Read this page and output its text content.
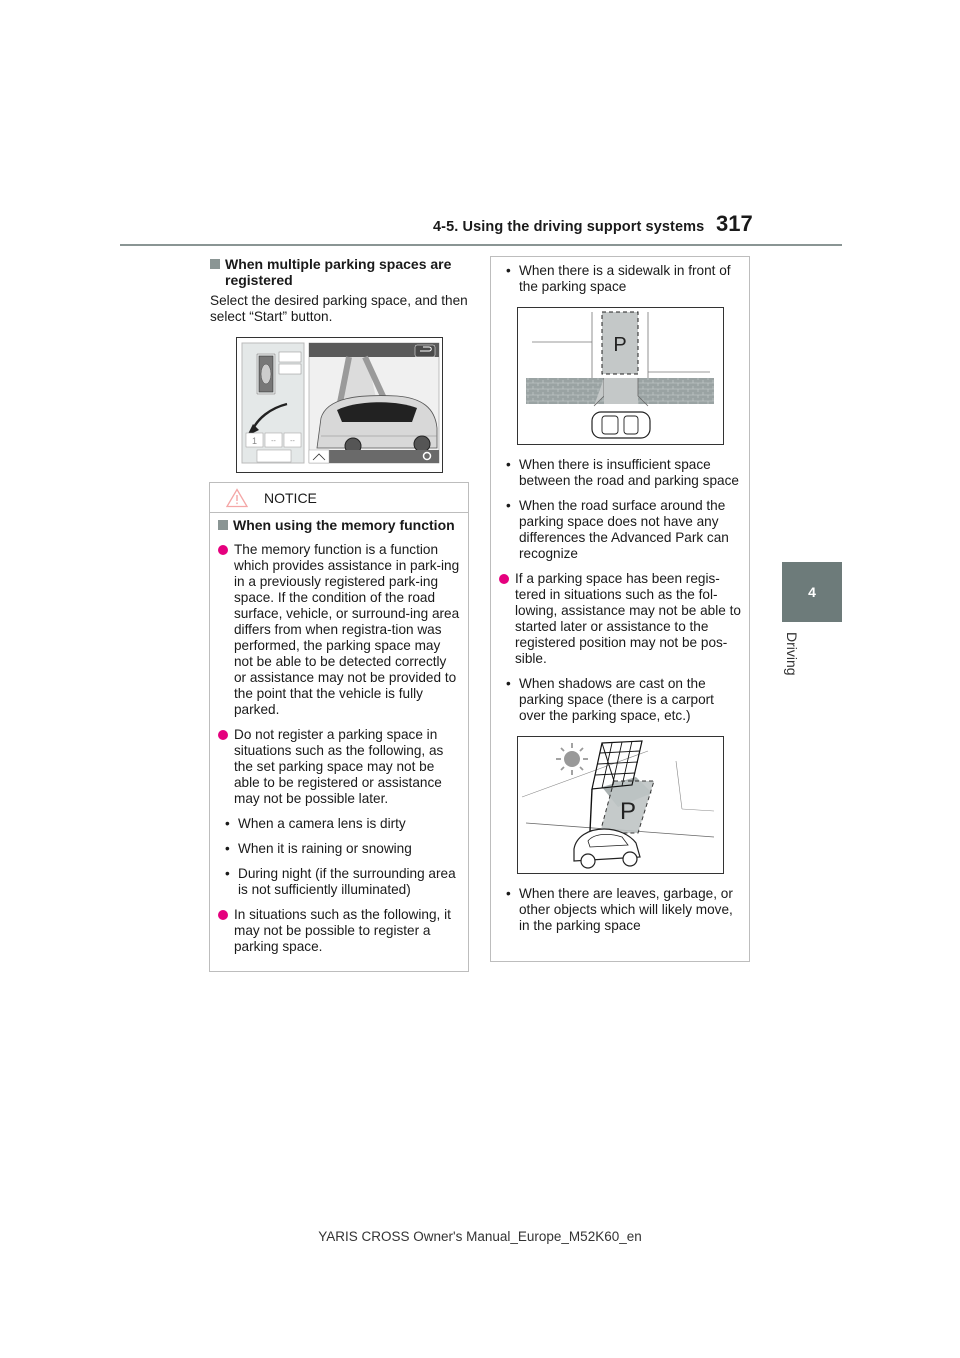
4-5. Using the driving support systems 317
4
Driving
When multiple parking spaces are registered
Select the desired parking space, and then select “Start” button.
1 -- --
NOTICE
When using the memory function
The memory function is a function which provides assistance in park-ing in a previously registered park-ing space. If the condition of the road surface, vehicle, or surround-ing area differs from when registra-tion was performed, the parking space may not be able to be detected correctly or assistance may not be provided to the point that the vehicle is fully parked.
Do not register a parking space in situations such as the following, as the set parking space may not be able to be registered or assistance may not be possible later.
• When a camera lens is dirty
• When it is raining or snowing
• During night (if the surrounding area is not sufficiently illuminated)
In situations such as the following, it may not be possible to register a parking space.
• When there is a sidewalk in front of the parking space
P
• When there is insufficient space between the road and parking space
• When the road surface around the parking space does not have any differences the Advanced Park can recognize
If a parking space has been regis-tered in situations such as the fol-lowing, assistance may not be able to started later or assistance to the registered position may not be pos-sible.
• When shadows are cast on the parking space (there is a carport over the parking space, etc.)
P
• When there are leaves, garbage, or other objects which will likely move, in the parking space
YARIS CROSS Owner's Manual_Europe_M52K60_en
